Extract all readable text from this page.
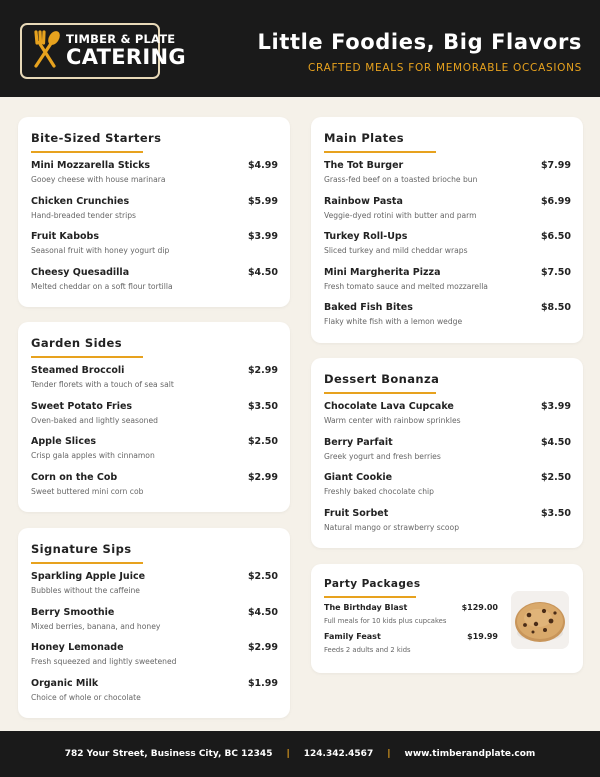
TIMBER & PLATE
CATERING
Little Foodies, Big Flavors
CRAFTED MEALS FOR MEMORABLE OCCASIONS
Bite-Sized Starters
Mini Mozzarella Sticks	$4.99
Gooey cheese with house marinara
Chicken Crunchies	$5.99
Hand-breaded tender strips
Fruit Kabobs	$3.99
Seasonal fruit with honey yogurt dip
Cheesy Quesadilla	$4.50
Melted cheddar on a soft flour tortilla
Garden Sides
Steamed Broccoli	$2.99
Tender florets with a touch of sea salt
Sweet Potato Fries	$3.50
Oven-baked and lightly seasoned
Apple Slices	$2.50
Crisp gala apples with cinnamon
Corn on the Cob	$2.99
Sweet buttered mini corn cob
Signature Sips
Sparkling Apple Juice	$2.50
Bubbles without the caffeine
Berry Smoothie	$4.50
Mixed berries, banana, and honey
Honey Lemonade	$2.99
Fresh squeezed and lightly sweetened
Organic Milk	$1.99
Choice of whole or chocolate
Main Plates
The Tot Burger	$7.99
Grass-fed beef on a toasted brioche bun
Rainbow Pasta	$6.99
Veggie-dyed rotini with butter and parm
Turkey Roll-Ups	$6.50
Sliced turkey and mild cheddar wraps
Mini Margherita Pizza	$7.50
Fresh tomato sauce and melted mozzarella
Baked Fish Bites	$8.50
Flaky white fish with a lemon wedge
Dessert Bonanza
Chocolate Lava Cupcake	$3.99
Warm center with rainbow sprinkles
Berry Parfait	$4.50
Greek yogurt and fresh berries
Giant Cookie	$2.50
Freshly baked chocolate chip
Fruit Sorbet	$3.50
Natural mango or strawberry scoop
Party Packages
The Birthday Blast	$129.00
Full meals for 10 kids plus cupcakes
Family Feast	$19.99
Feeds 2 adults and 2 kids
782 Your Street, Business City, BC 12345 | 124.342.4567 | www.timberandplate.com
